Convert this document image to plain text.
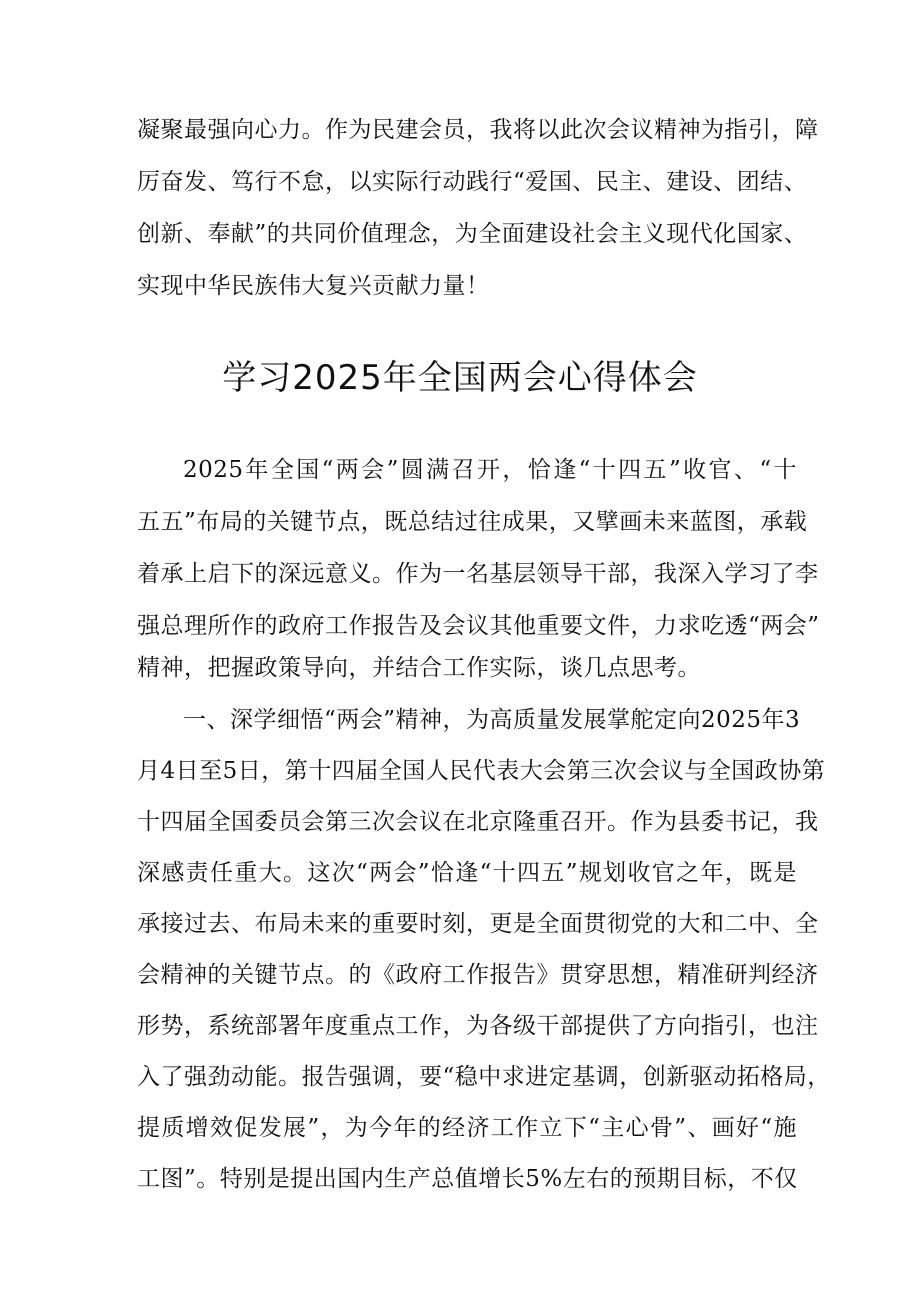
凝聚最强向心力。作为民建会员，我将以此次会议精神为指引，障
厉奋发、笃行不怠，以实际行动践行“爱国、民主、建设、团结、
创新、奉献”的共同价值理念，为全面建设社会主义现代化国家、
实现中华民族伟大复兴贡献力量！
学习2025年全国两会心得体会
2025年全国“两会”圆满召开，恰逢“十四五”收官、“十
五五”布局的关键节点，既总结过往成果，又擘画未来蓝图，承载
着承上启下的深远意义。作为一名基层领导干部，我深入学习了李
强总理所作的政府工作报告及会议其他重要文件，力求吃透“两会”
精神，把握政策导向，并结合工作实际，谈几点思考。
一、深学细悟“两会”精神，为高质量发展掌舵定向2025年3
月4日至5日，第十四届全国人民代表大会第三次会议与全国政协第
十四届全国委员会第三次会议在北京隆重召开。作为县委书记，我
深感责任重大。这次“两会”恰逢“十四五”规划收官之年，既是
承接过去、布局未来的重要时刻，更是全面贯彻党的大和二中、全
会精神的关键节点。的《政府工作报告》贯穿思想，精准研判经济
形势，系统部署年度重点工作，为各级干部提供了方向指引，也注
入了强劲动能。报告强调，要“稳中求进定基调，创新驱动拓格局，
提质增效促发展”，为今年的经济工作立下“主心骨”、画好“施
工图”。特别是提出国内生产总值增长5%左右的预期目标，不仅
